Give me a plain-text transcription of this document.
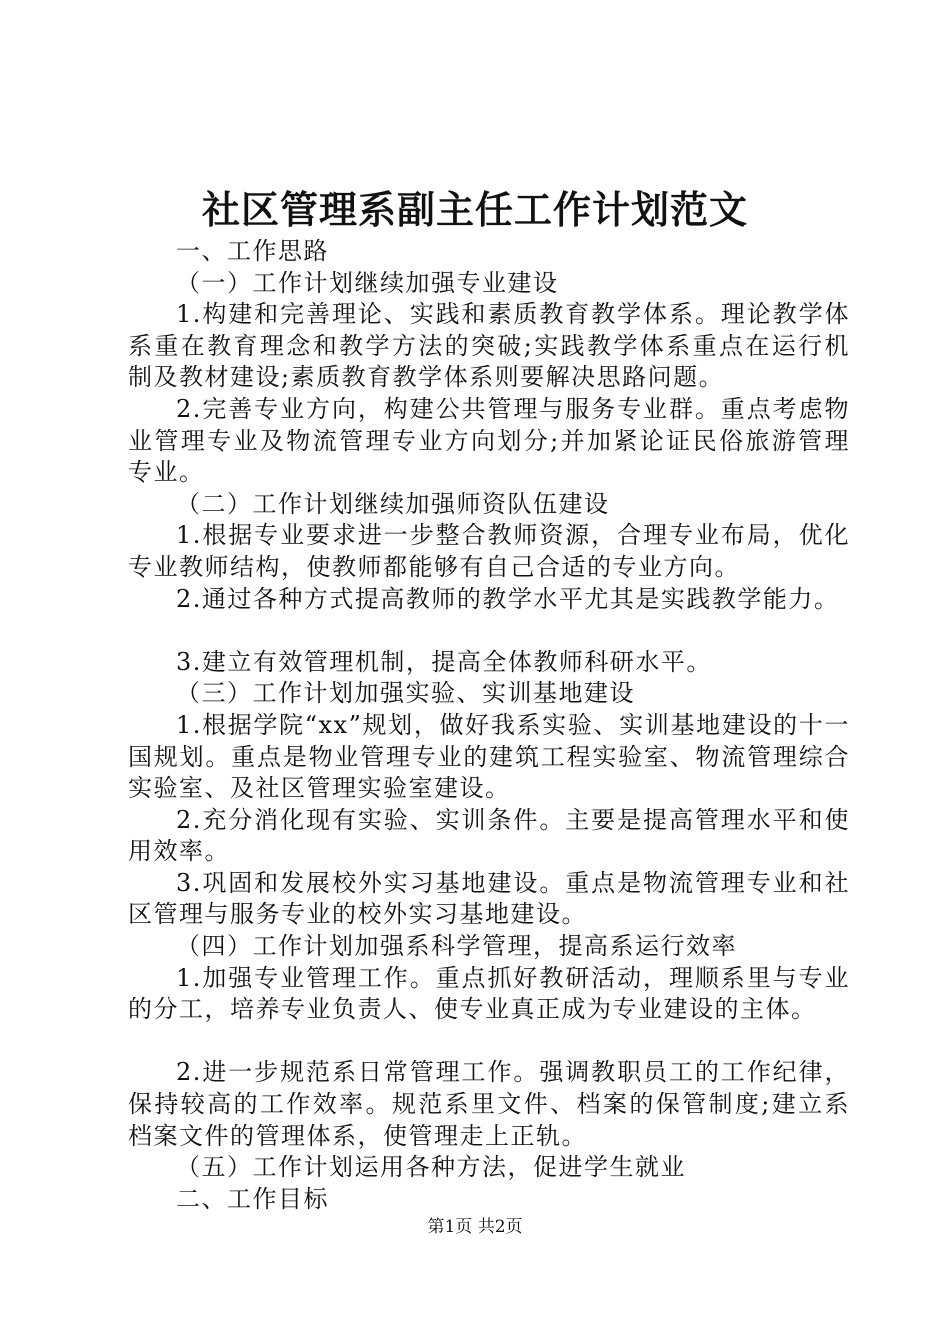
社区管理系副主任工作计划范文

一、工作思路

（一）工作计划继续加强专业建设

1.构建和完善理论、实践和素质教育教学体系。理论教学体系重在教育理念和教学方法的突破;实践教学体系重点在运行机制及教材建设;素质教育教学体系则要解决思路问题。

2.完善专业方向，构建公共管理与服务专业群。重点考虑物业管理专业及物流管理专业方向划分;并加紧论证民俗旅游管理专业。

（二）工作计划继续加强师资队伍建设

1.根据专业要求进一步整合教师资源，合理专业布局，优化专业教师结构，使教师都能够有自己合适的专业方向。

2.通过各种方式提高教师的教学水平尤其是实践教学能力。

3.建立有效管理机制，提高全体教师科研水平。

（三）工作计划加强实验、实训基地建设

1.根据学院“xx”规划，做好我系实验、实训基地建设的十一国规划。重点是物业管理专业的建筑工程实验室、物流管理综合实验室、及社区管理实验室建设。

2.充分消化现有实验、实训条件。主要是提高管理水平和使用效率。

3.巩固和发展校外实习基地建设。重点是物流管理专业和社区管理与服务专业的校外实习基地建设。

（四）工作计划加强系科学管理，提高系运行效率

1.加强专业管理工作。重点抓好教研活动，理顺系里与专业的分工，培养专业负责人、使专业真正成为专业建设的主体。

2.进一步规范系日常管理工作。强调教职员工的工作纪律，保持较高的工作效率。规范系里文件、档案的保管制度;建立系档案文件的管理体系，使管理走上正轨。

（五）工作计划运用各种方法，促进学生就业

二、工作目标

第1页 共2页
